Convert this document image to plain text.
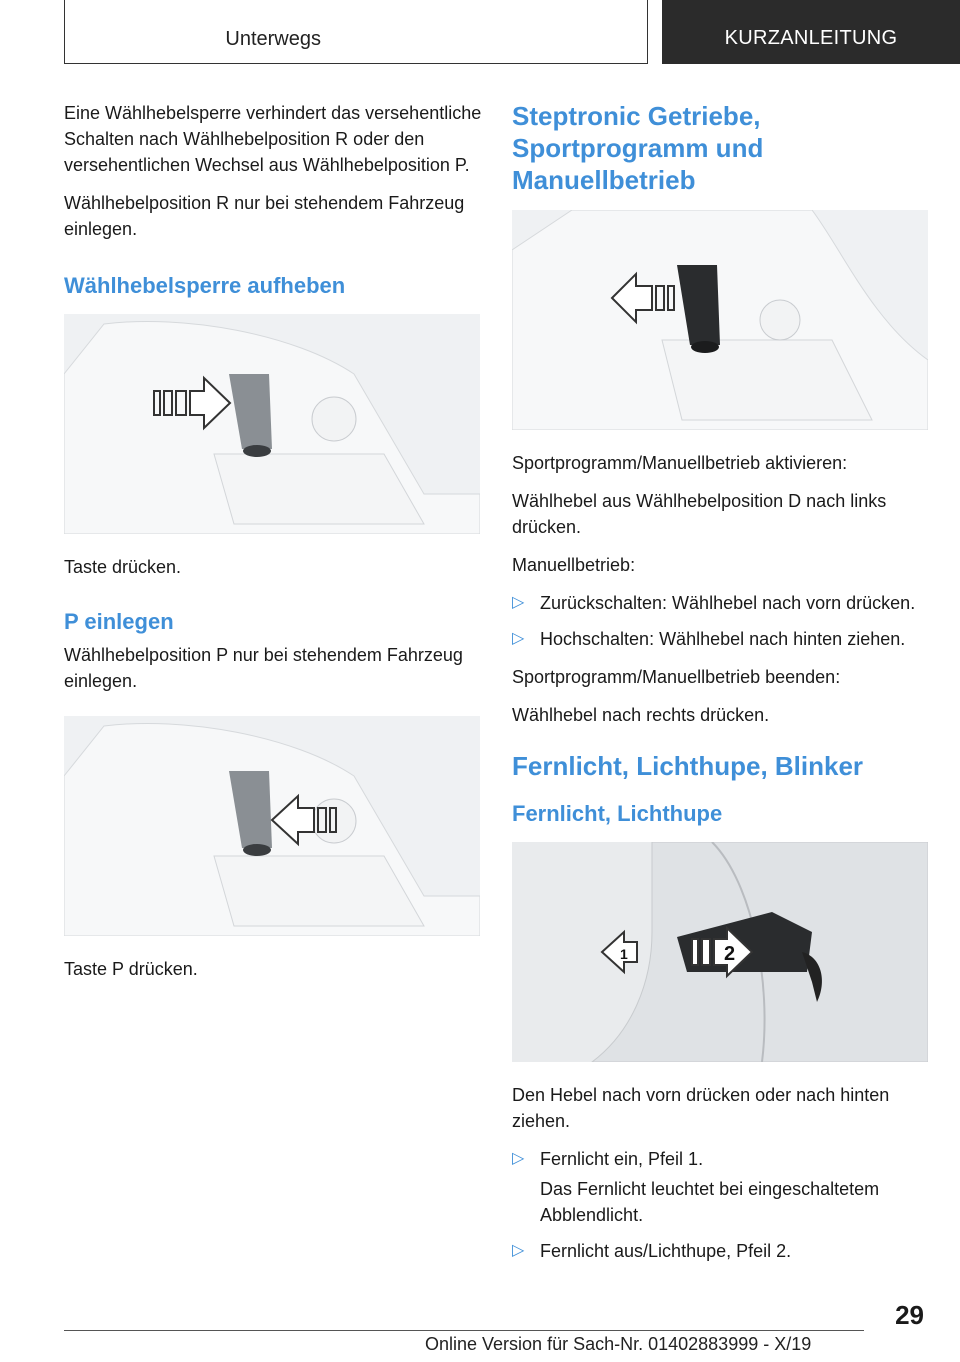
Unterwegs	KURZANLEITUNG

Eine Wählhebelsperre verhindert das versehentliche Schalten nach Wählhebelposition R oder den versehentlichen Wechsel aus Wählhebelposition P.

Wählhebelposition R nur bei stehendem Fahrzeug einlegen.

Wählhebelsperre aufheben

Taste drücken.

P einlegen

Wählhebelposition P nur bei stehendem Fahrzeug einlegen.

Taste P drücken.

Steptronic Getriebe, Sportprogramm und Manuellbetrieb

Sportprogramm/Manuellbetrieb aktivieren:

Wählhebel aus Wählhebelposition D nach links drücken.

Manuellbetrieb:

▷ Zurückschalten: Wählhebel nach vorn drücken.
▷ Hochschalten: Wählhebel nach hinten ziehen.

Sportprogramm/Manuellbetrieb beenden:

Wählhebel nach rechts drücken.

Fernlicht, Lichthupe, Blinker
Fernlicht, Lichthupe
1	2

Den Hebel nach vorn drücken oder nach hinten ziehen.

▷ Fernlicht ein, Pfeil 1.

Das Fernlicht leuchtet bei eingeschaltetem Abblendlicht.

▷ Fernlicht aus/Lichthupe, Pfeil 2.
29
Online Version für Sach-Nr. 01402883999 - X/19
